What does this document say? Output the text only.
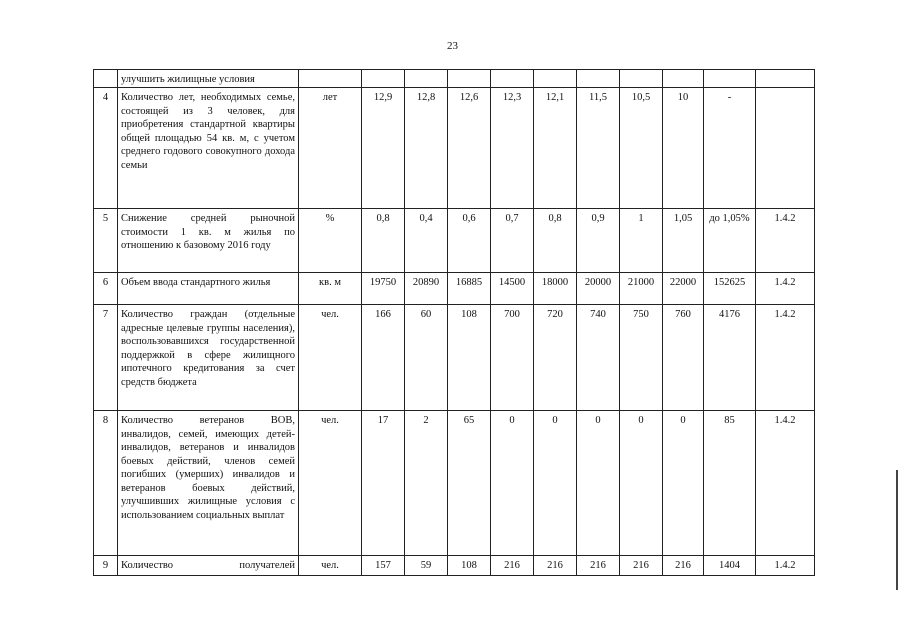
23
	улучшить жилищные условия											
4	Количество лет, необходимых семье, состоящей из 3 человек, для приобретения стандартной квартиры общей площадью 54 кв. м, с учетом среднего годового совокупного дохода семьи	лет	12,9	12,8	12,6	12,3	12,1	11,5	10,5	10	-	
5	Снижение средней рыночной стоимости 1 кв. м жилья по отношению к базовому 2016 году	%	0,8	0,4	0,6	0,7	0,8	0,9	1	1,05	до 1,05%	1.4.2
6	Объем ввода стандартного жилья	кв. м	19750	20890	16885	14500	18000	20000	21000	22000	152625	1.4.2
7	Количество граждан (отдельные адресные целевые группы населения), воспользовавшихся государственной поддержкой в сфере жилищного ипотечного кредитования за счет средств бюджета	чел.	166	60	108	700	720	740	750	760	4176	1.4.2
8	Количество ветеранов ВОВ, инвалидов, семей, имеющих детей-инвалидов, ветеранов и инвалидов боевых действий, членов семей погибших (умерших) инвалидов и ветеранов боевых действий, улучшивших жилищные условия с использованием социальных выплат	чел.	17	2	65	0	0	0	0	0	85	1.4.2
9	Количество получателей	чел.	157	59	108	216	216	216	216	216	1404	1.4.2
